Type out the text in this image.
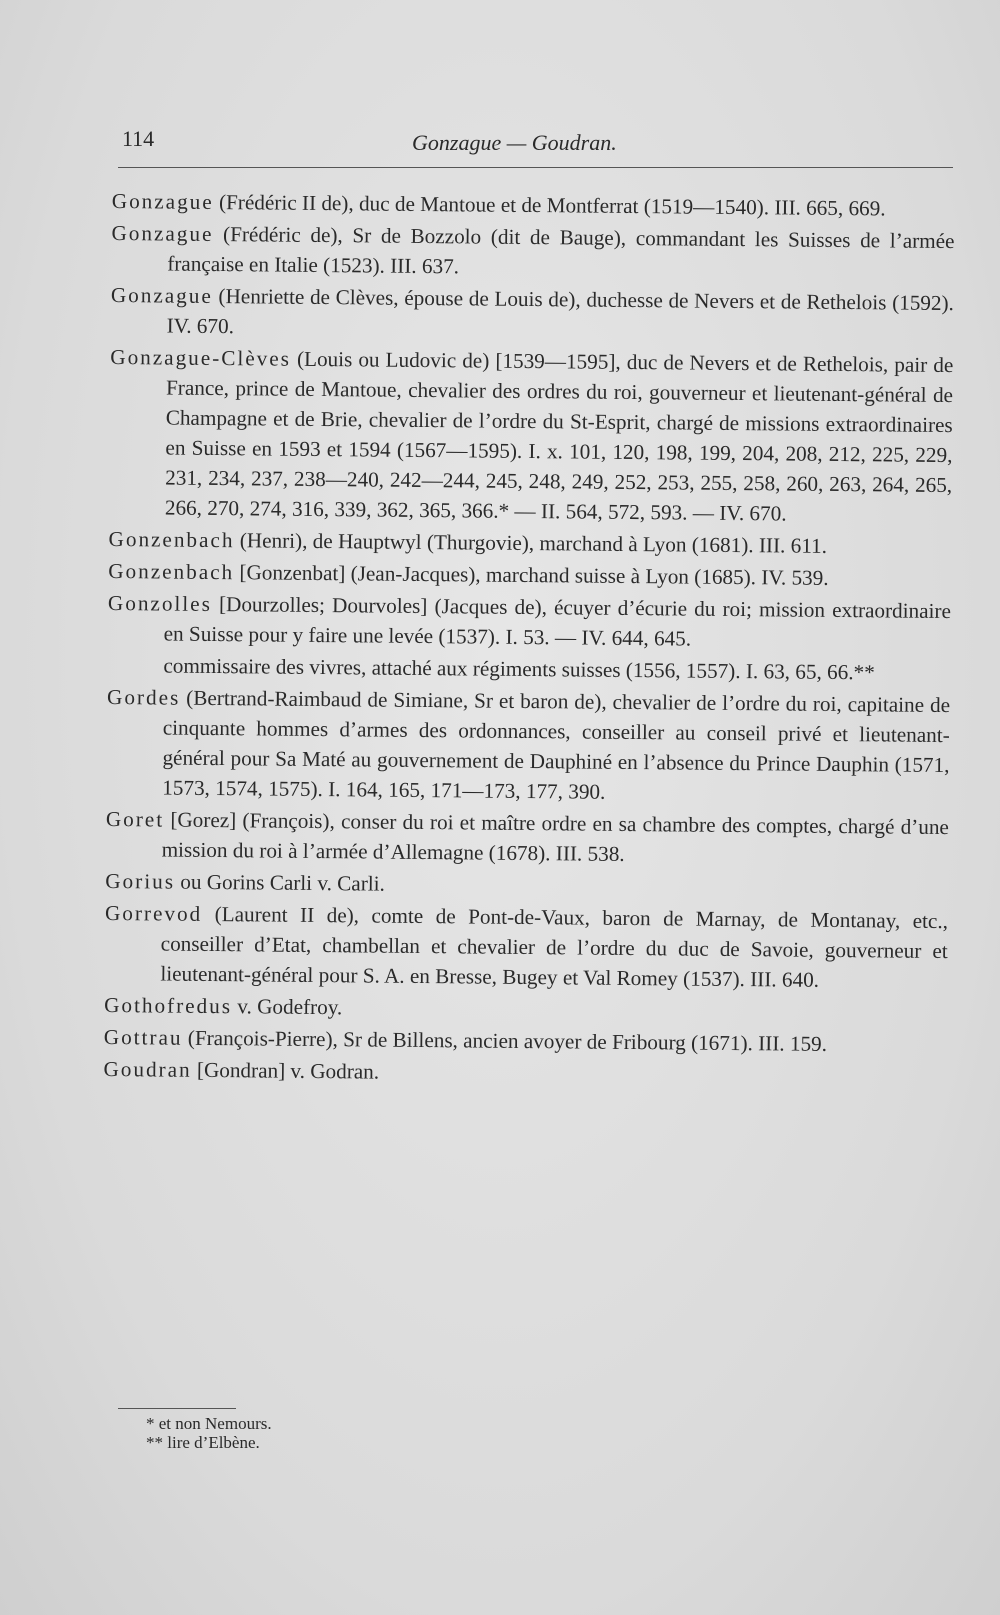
114	Gonzague — Goudran.

Gonzague (Frédéric II de), duc de Mantoue et de Montferrat (1519—1540). III. 665, 669.

Gonzague (Frédéric de), Sr de Bozzolo (dit de Bauge), commandant les Suisses de l’armée française en Italie (1523). III. 637.

Gonzague (Henriette de Clèves, épouse de Louis de), duchesse de Nevers et de Rethelois (1592). IV. 670.

Gonzague-Clèves (Louis ou Ludovic de) [1539—1595], duc de Nevers et de Rethelois, pair de France, prince de Mantoue, chevalier des ordres du roi, gouverneur et lieutenant-général de Champagne et de Brie, chevalier de l’ordre du St-Esprit, chargé de missions extraordinaires en Suisse en 1593 et 1594 (1567—1595). I. x. 101, 120, 198, 199, 204, 208, 212, 225, 229, 231, 234, 237, 238—240, 242—244, 245, 248, 249, 252, 253, 255, 258, 260, 263, 264, 265, 266, 270, 274, 316, 339, 362, 365, 366.* — II. 564, 572, 593. — IV. 670.

Gonzenbach (Henri), de Hauptwyl (Thurgovie), marchand à Lyon (1681). III. 611.

Gonzenbach [Gonzenbat] (Jean-Jacques), marchand suisse à Lyon (1685). IV. 539.

Gonzolles [Dourzolles; Dourvoles] (Jacques de), écuyer d’écurie du roi; mission extraordinaire en Suisse pour y faire une levée (1537). I. 53. — IV. 644, 645.

commissaire des vivres, attaché aux régiments suisses (1556, 1557). I. 63, 65, 66.**

Gordes (Bertrand-Raimbaud de Simiane, Sr et baron de), chevalier de l’ordre du roi, capitaine de cinquante hommes d’armes des ordonnances, conseiller au conseil privé et lieutenant-général pour Sa Maté au gouvernement de Dauphiné en l’absence du Prince Dauphin (1571, 1573, 1574, 1575). I. 164, 165, 171—173, 177, 390.

Goret [Gorez] (François), conser du roi et maître ordre en sa chambre des comptes, chargé d’une mission du roi à l’armée d’Allemagne (1678). III. 538.

Gorius ou Gorins Carli v. Carli.

Gorrevod (Laurent II de), comte de Pont-de-Vaux, baron de Marnay, de Montanay, etc., conseiller d’Etat, chambellan et chevalier de l’ordre du duc de Savoie, gouverneur et lieutenant-général pour S. A. en Bresse, Bugey et Val Romey (1537). III. 640.

Gothofredus v. Godefroy.

Gottrau (François-Pierre), Sr de Billens, ancien avoyer de Fribourg (1671). III. 159.

Goudran [Gondran] v. Godran.

* et non Nemours.
** lire d’Elbène.
